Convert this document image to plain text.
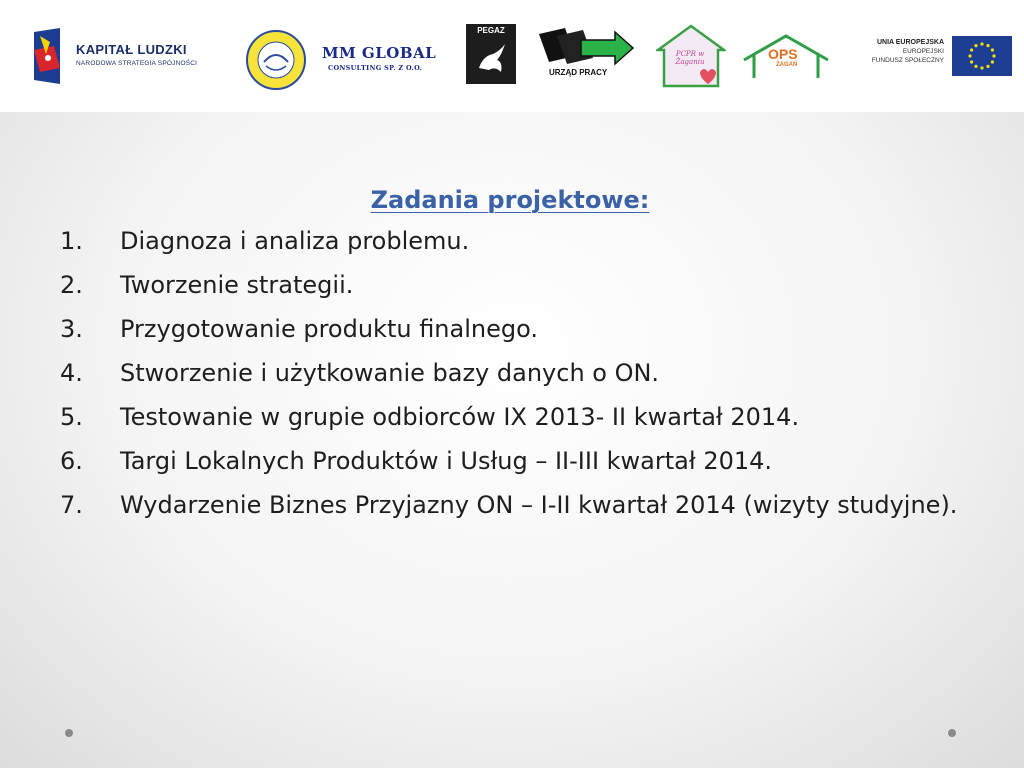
KAPITAŁ LUDZKI
NARODOWA STRATEGIA SPÓJNOŚCI
MM GLOBAL
CONSULTING SP. Z O.O.
PEGAZ
URZĄD PRACY
PCPR w Żaganiu	OPS
ŻAGAŃ
UNIA EUROPEJSKA
EUROPEJSKI
FUNDUSZ SPOŁECZNY
Zadania projektowe:
1. Diagnoza i analiza problemu.
2. Tworzenie strategii.
3. Przygotowanie produktu finalnego.
4. Stworzenie i użytkowanie bazy danych o ON.
5. Testowanie w grupie odbiorców IX 2013- II kwartał 2014.
6. Targi Lokalnych Produktów i Usług – II-III kwartał 2014.
7. Wydarzenie Biznes Przyjazny ON – I-II kwartał 2014 (wizyty studyjne).
